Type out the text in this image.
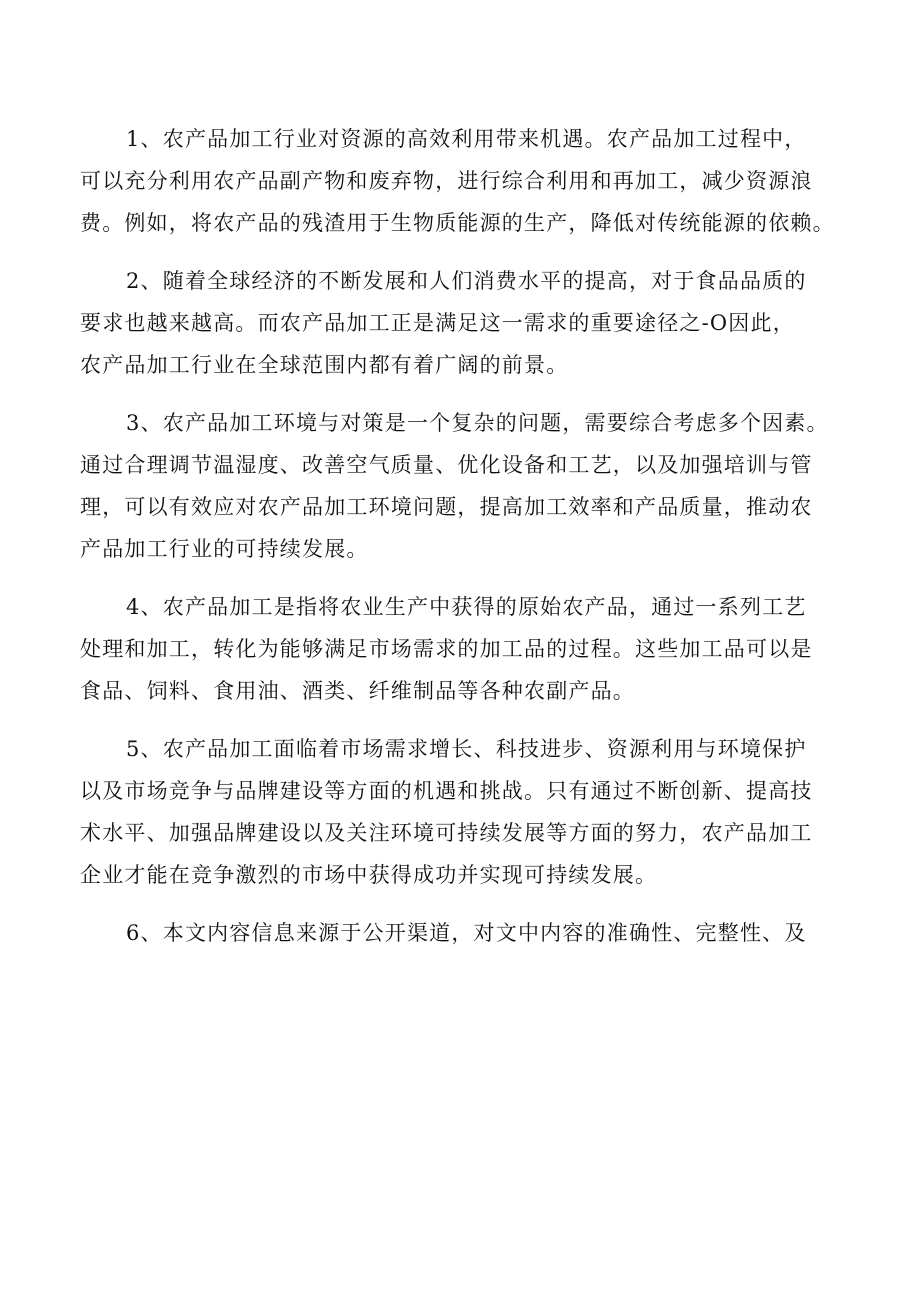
1、农产品加工行业对资源的高效利用带来机遇。农产品加工过程中，
可以充分利用农产品副产物和废弃物，进行综合利用和再加工，减少资源浪
费。例如，将农产品的残渣用于生物质能源的生产，降低对传统能源的依赖。

2、随着全球经济的不断发展和人们消费水平的提高，对于食品品质的
要求也越来越高。而农产品加工正是满足这一需求的重要途径之-O因此，
农产品加工行业在全球范围内都有着广阔的前景。

3、农产品加工环境与对策是一个复杂的问题，需要综合考虑多个因素。
通过合理调节温湿度、改善空气质量、优化设备和工艺，以及加强培训与管
理，可以有效应对农产品加工环境问题，提高加工效率和产品质量，推动农
产品加工行业的可持续发展。

4、农产品加工是指将农业生产中获得的原始农产品，通过一系列工艺
处理和加工，转化为能够满足市场需求的加工品的过程。这些加工品可以是
食品、饲料、食用油、酒类、纤维制品等各种农副产品。

5、农产品加工面临着市场需求增长、科技进步、资源利用与环境保护
以及市场竞争与品牌建设等方面的机遇和挑战。只有通过不断创新、提高技
术水平、加强品牌建设以及关注环境可持续发展等方面的努力，农产品加工
企业才能在竞争激烈的市场中获得成功并实现可持续发展。

6、本文内容信息来源于公开渠道，对文中内容的准确性、完整性、及
